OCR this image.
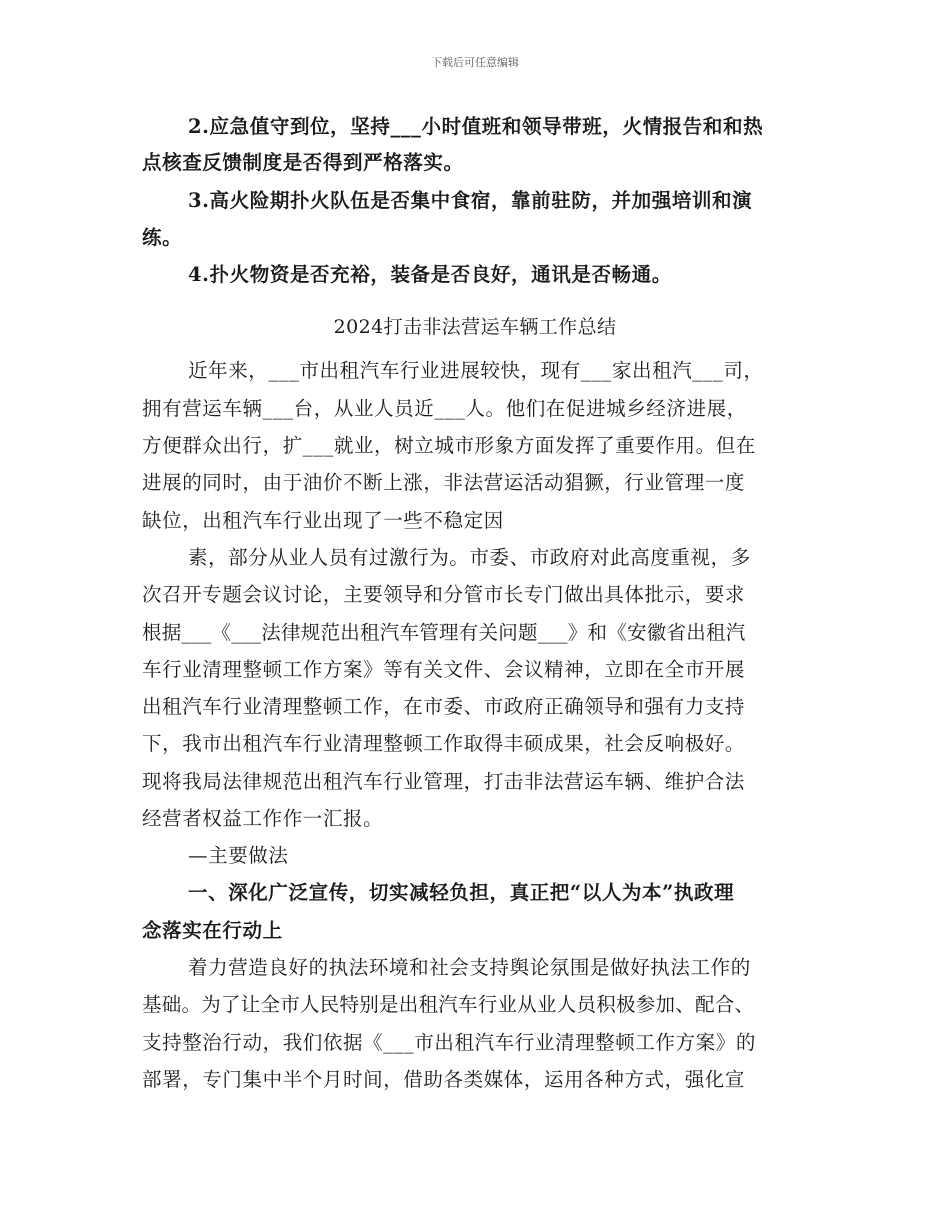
下载后可任意编辑
2.应急值守到位，坚持___小时值班和领导带班，火情报告和和热
点核查反馈制度是否得到严格落实。
3.高火险期扑火队伍是否集中食宿，靠前驻防，并加强培训和演
练。
4.扑火物资是否充裕，装备是否良好，通讯是否畅通。
2024打击非法营运车辆工作总结
近年来，___市出租汽车行业进展较快，现有___家出租汽___司，
拥有营运车辆___台，从业人员近___人。他们在促进城乡经济进展，
方便群众出行，扩___就业，树立城市形象方面发挥了重要作用。但在
进展的同时，由于油价不断上涨，非法营运活动猖獗，行业管理一度
缺位，出租汽车行业出现了一些不稳定因
素，部分从业人员有过激行为。市委、市政府对此高度重视，多
次召开专题会议讨论，主要领导和分管市长专门做出具体批示，要求
根据___《___法律规范出租汽车管理有关问题___》和《安徽省出租汽
车行业清理整顿工作方案》等有关文件、会议精神，立即在全市开展
出租汽车行业清理整顿工作，在市委、市政府正确领导和强有力支持
下，我市出租汽车行业清理整顿工作取得丰硕成果，社会反响极好。
现将我局法律规范出租汽车行业管理，打击非法营运车辆、维护合法
经营者权益工作作一汇报。
—主要做法
一、深化广泛宣传，切实减轻负担，真正把“以人为本”执政理
念落实在行动上
着力营造良好的执法环境和社会支持舆论氛围是做好执法工作的
基础。为了让全市人民特别是出租汽车行业从业人员积极参加、配合、
支持整治行动，我们依据《___市出租汽车行业清理整顿工作方案》的
部署，专门集中半个月时间，借助各类媒体，运用各种方式，强化宣
